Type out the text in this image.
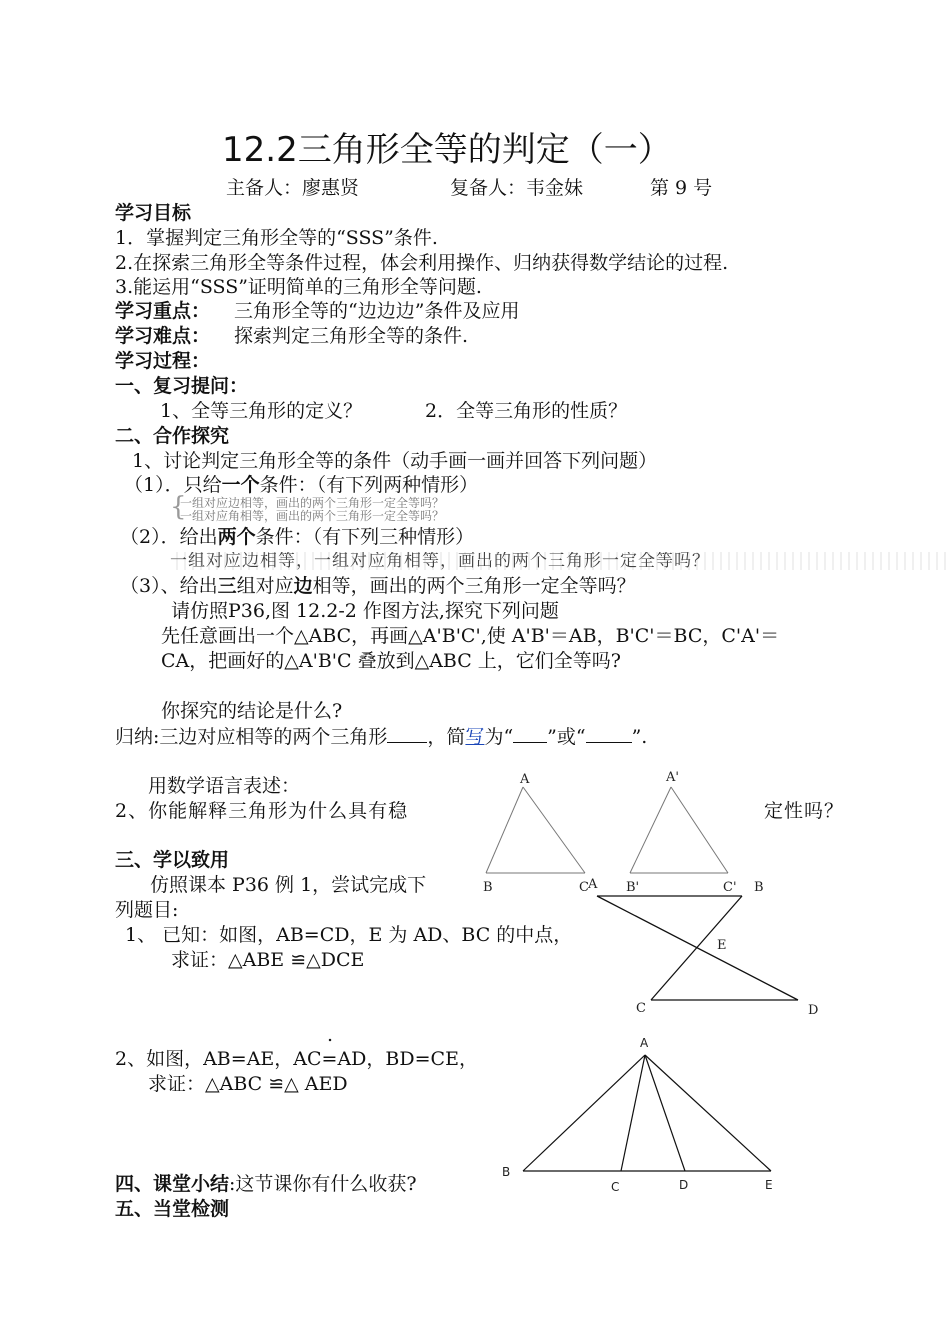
12.2三角形全等的判定（一）
主备人：廖惠贤	复备人：韦金妹	第 9 号
学习目标
1．掌握判定三角形全等的“SSS”条件.
2.在探索三角形全等条件过程，体会利用操作、归纳获得数学结论的过程.
3.能运用“SSS”证明简单的三角形全等问题.
学习重点： 三角形全等的“边边边”条件及应用
学习难点： 探索判定三角形全等的条件.
学习过程：
一、复习提问：
1、全等三角形的定义？	2．全等三角形的性质？
二、合作探究
1、讨论判定三角形全等的条件（动手画一画并回答下列问题）
（1）．只给一个条件：（有下列两种情形）
{
一组对应边相等，画出的两个三角形一定全等吗？
一组对应角相等，画出的两个三角形一定全等吗？
（2）．给出两个条件：（有下列三种情形）
一组对应边相等，一组对应角相等，画出的两个三角形一定全等吗？
（3）、给出三组对应边相等，画出的两个三角形一定全等吗？
请仿照P36,图 12.2-2 作图方法,探究下列问题
先任意画出一个△ABC，再画△A'B'C',使 A'B'＝AB，B'C'＝BC，C'A'＝
CA，把画好的△A'B'C 叠放到△ABC 上，它们全等吗?
你探究的结论是什么?
归纳:三边对应相等的两个三角形 ，简写为“ ”或“ ”.
用数学语言表述：
2、你能解释三角形为什么具有稳	定性吗？
三、学以致用
仿照课本 P36 例 1，尝试完成下
列题目:
1、 已知：如图，AB=CD，E 为 AD、BC 的中点，
求证：△ABE ≌△DCE
.
2、如图，AB=AE，AC=AD，BD=CE，
求证：△ABC ≌△ AED
四、课堂小结:这节课你有什么收获?
五、当堂检测
A
B	C
A'
B'	C'
A	B
E
C	D
A
B
C	D	E
